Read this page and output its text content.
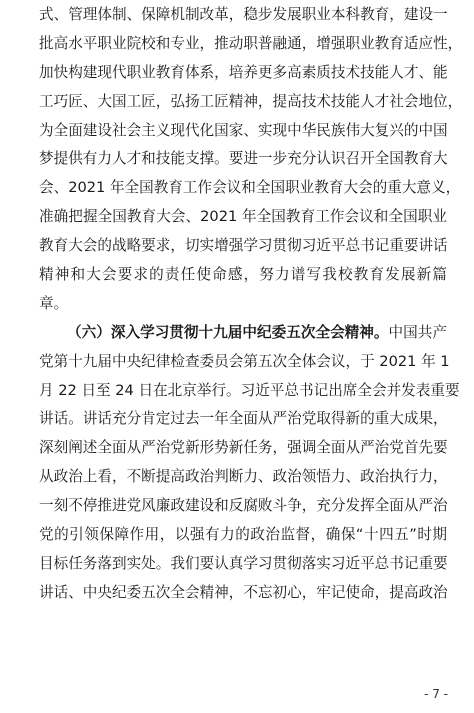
式、管理体制、保障机制改革，稳步发展职业本科教育，建设一
批高水平职业院校和专业，推动职普融通，增强职业教育适应性，
加快构建现代职业教育体系，培养更多高素质技术技能人才、能
工巧匠、大国工匠，弘扬工匠精神，提高技术技能人才社会地位，
为全面建设社会主义现代化国家、实现中华民族伟大复兴的中国
梦提供有力人才和技能支撑。要进一步充分认识召开全国教育大
会、2021 年全国教育工作会议和全国职业教育大会的重大意义，
准确把握全国教育大会、2021 年全国教育工作会议和全国职业
教育大会的战略要求，切实增强学习贯彻习近平总书记重要讲话
精神和大会要求的责任使命感，努力谱写我校教育发展新篇
章。
（六）深入学习贯彻十九届中纪委五次全会精神。中国共产
党第十九届中央纪律检查委员会第五次全体会议，于 2021 年 1
月 22 日至 24 日在北京举行。习近平总书记出席全会并发表重要
讲话。讲话充分肯定过去一年全面从严治党取得新的重大成果，
深刻阐述全面从严治党新形势新任务，强调全面从严治党首先要
从政治上看，不断提高政治判断力、政治领悟力、政治执行力，
一刻不停推进党风廉政建设和反腐败斗争，充分发挥全面从严治
党的引领保障作用，以强有力的政治监督，确保“十四五”时期
目标任务落到实处。我们要认真学习贯彻落实习近平总书记重要
讲话、中央纪委五次全会精神，不忘初心，牢记使命，提高政治
- 7 -
